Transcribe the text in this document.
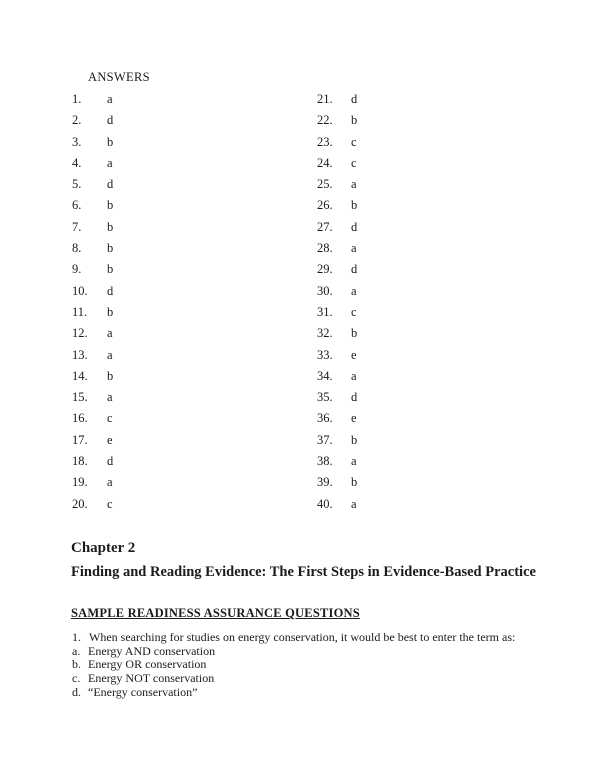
ANSWERS
1.	a	21.	d
2.	d	22.	b
3.	b	23.	c
4.	a	24.	c
5.	d	25.	a
6.	b	26.	b
7.	b	27.	d
8.	b	28.	a
9.	b	29.	d
10.	d	30.	a
11.	b	31.	c
12.	a	32.	b
13.	a	33.	e
14.	b	34.	a
15.	a	35.	d
16.	c	36.	e
17.	e	37.	b
18.	d	38.	a
19.	a	39.	b
20.	c	40.	a
Chapter 2
Finding and Reading Evidence: The First Steps in Evidence-Based Practice
SAMPLE READINESS ASSURANCE QUESTIONS
1. When searching for studies on energy conservation, it would be best to enter the term as:
a. Energy AND conservation
b. Energy OR conservation
c. Energy NOT conservation
d. “Energy conservation”
